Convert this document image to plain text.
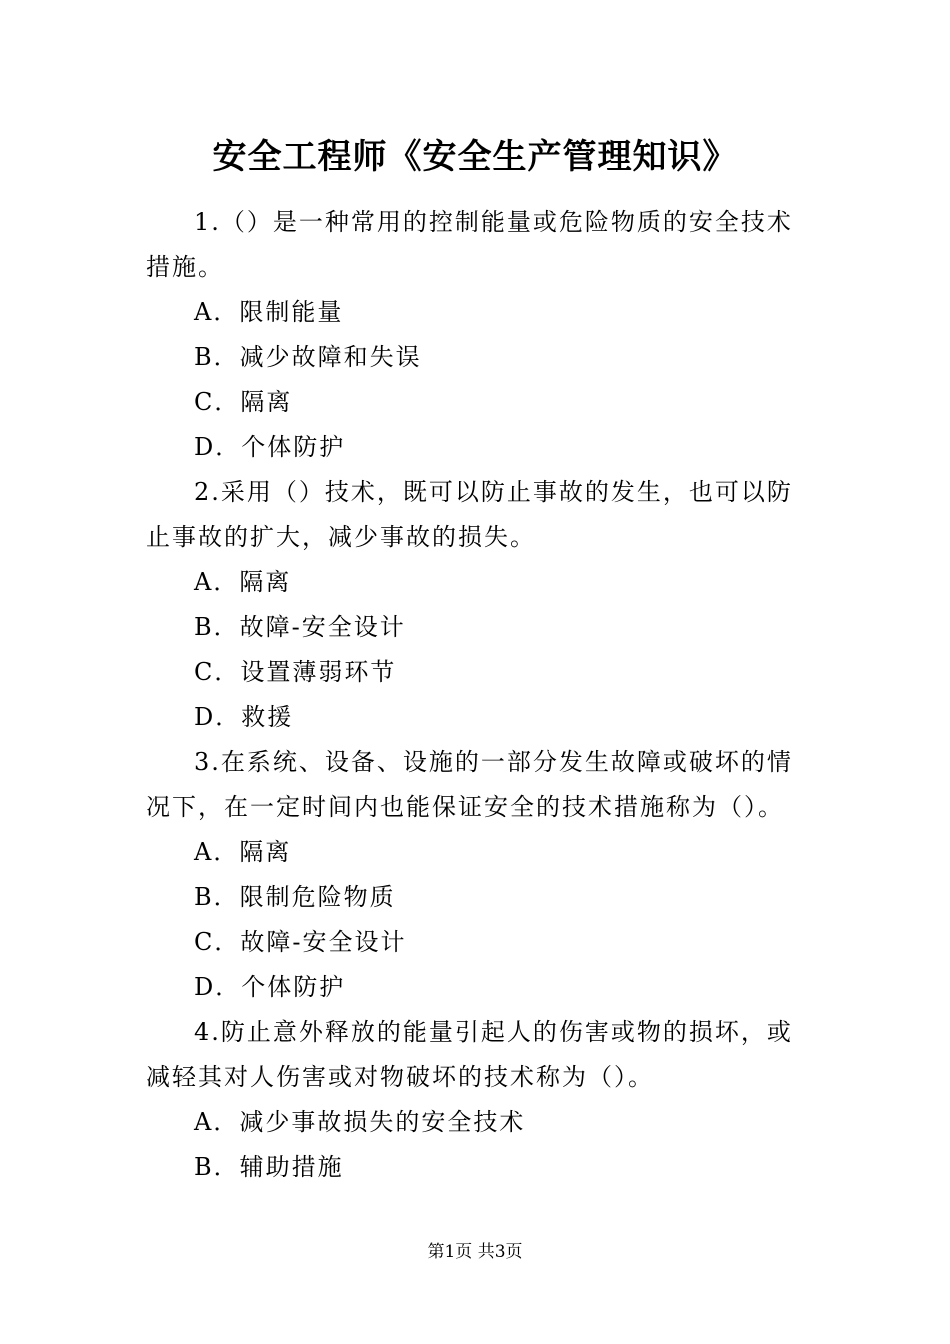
安全工程师《安全生产管理知识》

1.（）是一种常用的控制能量或危险物质的安全技术

措施。

A．限制能量

B．减少故障和失误

C．隔离

D．个体防护

2.采用（）技术，既可以防止事故的发生，也可以防

止事故的扩大，减少事故的损失。

A．隔离

B．故障-安全设计

C．设置薄弱环节

D．救援

3.在系统、设备、设施的一部分发生故障或破坏的情

况下，在一定时间内也能保证安全的技术措施称为（）。

A．隔离

B．限制危险物质

C．故障-安全设计

D．个体防护

4.防止意外释放的能量引起人的伤害或物的损坏，或

减轻其对人伤害或对物破坏的技术称为（）。

A．减少事故损失的安全技术

B．辅助措施

第1页 共3页
